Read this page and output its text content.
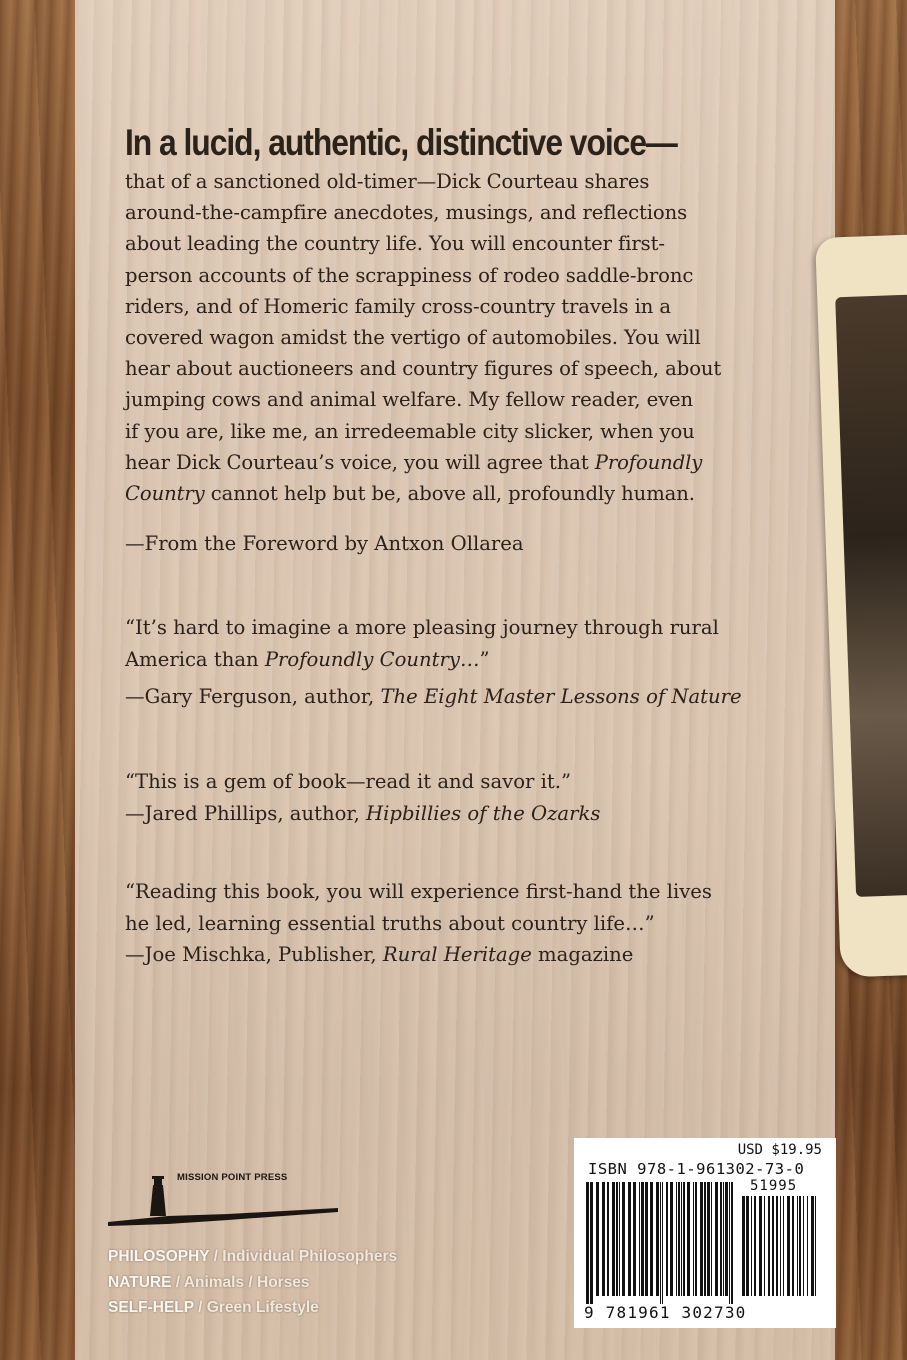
In a lucid, authentic, distinctive voice—

that of a sanctioned old-timer—Dick Courteau shares

around-the-campfire anecdotes, musings, and reflections

about leading the country life. You will encounter first-

person accounts of the scrappiness of rodeo saddle-bronc

riders, and of Homeric family cross-country travels in a

covered wagon amidst the vertigo of automobiles. You will

hear about auctioneers and country figures of speech, about

jumping cows and animal welfare. My fellow reader, even

if you are, like me, an irredeemable city slicker, when you

hear Dick Courteau’s voice, you will agree that Profoundly

Country cannot help but be, above all, profoundly human.

—From the Foreword by Antxon Ollarea

“It’s hard to imagine a more pleasing journey through rural

America than Profoundly Country…”

—Gary Ferguson, author, The Eight Master Lessons of Nature

“This is a gem of book—read it and savor it.”

—Jared Phillips, author, Hipbillies of the Ozarks

“Reading this book, you will experience first-hand the lives

he led, learning essential truths about country life…”

—Joe Mischka, Publisher, Rural Heritage magazine

MISSION POINT PRESS
PHILOSOPHY / Individual Philosophers
NATURE / Animals / Horses
SELF-HELP / Green Lifestyle
USD $19.95
ISBN 978-1-961302-73-0
51995
9 781961 302730
